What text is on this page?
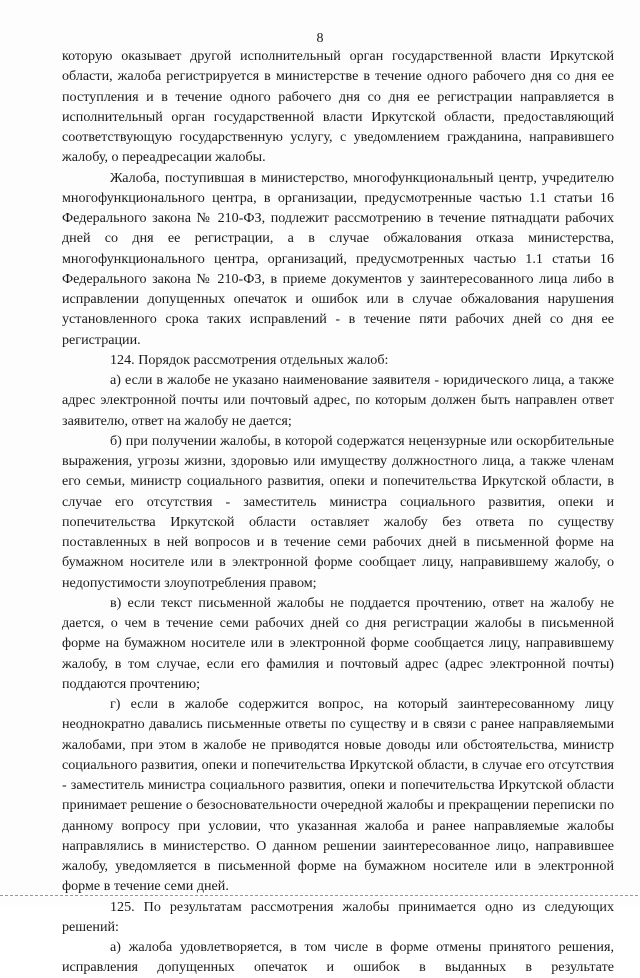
8

которую оказывает другой исполнительный орган государственной власти Иркутской области, жалоба регистрируется в министерстве в течение одного рабочего дня со дня ее поступления и в течение одного рабочего дня со дня ее регистрации направляется в исполнительный орган государственной власти Иркутской области, предоставляющий соответствующую государственную услугу, с уведомлением гражданина, направившего жалобу, о переадресации жалобы.

Жалоба, поступившая в министерство, многофункциональный центр, учредителю многофункционального центра, в организации, предусмотренные частью 1.1 статьи 16 Федерального закона № 210-ФЗ, подлежит рассмотрению в течение пятнадцати рабочих дней со дня ее регистрации, а в случае обжалования отказа министерства, многофункционального центра, организаций, предусмотренных частью 1.1 статьи 16 Федерального закона № 210-ФЗ, в приеме документов у заинтересованного лица либо в исправлении допущенных опечаток и ошибок или в случае обжалования нарушения установленного срока таких исправлений - в течение пяти рабочих дней со дня ее регистрации.

124. Порядок рассмотрения отдельных жалоб:

а) если в жалобе не указано наименование заявителя - юридического лица, а также адрес электронной почты или почтовый адрес, по которым должен быть направлен ответ заявителю, ответ на жалобу не дается;

б) при получении жалобы, в которой содержатся нецензурные или оскорбительные выражения, угрозы жизни, здоровью или имуществу должностного лица, а также членам его семьи, министр социального развития, опеки и попечительства Иркутской области, в случае его отсутствия - заместитель министра социального развития, опеки и попечительства Иркутской области оставляет жалобу без ответа по существу поставленных в ней вопросов и в течение семи рабочих дней в письменной форме на бумажном носителе или в электронной форме сообщает лицу, направившему жалобу, о недопустимости злоупотребления правом;

в) если текст письменной жалобы не поддается прочтению, ответ на жалобу не дается, о чем в течение семи рабочих дней со дня регистрации жалобы в письменной форме на бумажном носителе или в электронной форме сообщается лицу, направившему жалобу, в том случае, если его фамилия и почтовый адрес (адрес электронной почты) поддаются прочтению;

г) если в жалобе содержится вопрос, на который заинтересованному лицу неоднократно давались письменные ответы по существу и в связи с ранее направляемыми жалобами, при этом в жалобе не приводятся новые доводы или обстоятельства, министр социального развития, опеки и попечительства Иркутской области, в случае его отсутствия - заместитель министра социального развития, опеки и попечительства Иркутской области принимает решение о безосновательности очередной жалобы и прекращении переписки по данному вопросу при условии, что указанная жалоба и ранее направляемые жалобы направлялись в министерство. О данном решении заинтересованное лицо, направившее жалобу, уведомляется в письменной форме на бумажном носителе или в электронной форме в течение семи дней.

125. По результатам рассмотрения жалобы принимается одно из следующих решений:

а) жалоба удовлетворяется, в том числе в форме отмены принятого решения, исправления допущенных опечаток и ошибок в выданных в результате
